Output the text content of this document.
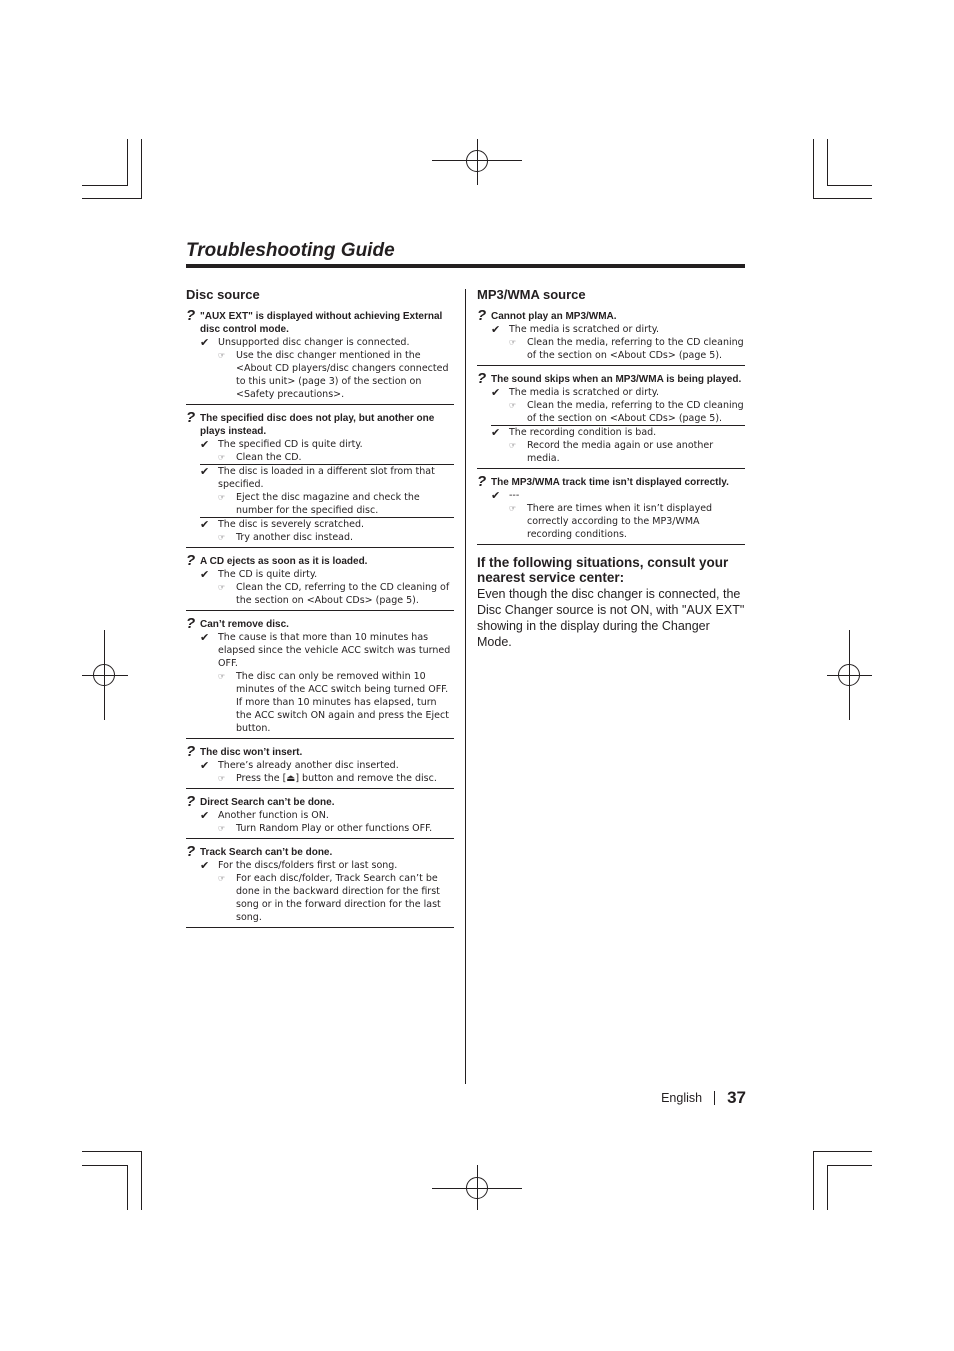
Troubleshooting Guide
Disc source
? "AUX EXT" is displayed without achieving External disc control mode.
✔ Unsupported disc changer is connected.
☞	Use the disc changer mentioned in the <About CD players/disc changers connected to this unit> (page 3) of the section on <Safety precautions>.
? The specified disc does not play, but another one plays instead.
✔ The specified CD is quite dirty.
☞	Clean the CD.
✔ The disc is loaded in a different slot from that specified.
☞	Eject the disc magazine and check the number for the specified disc.
✔ The disc is severely scratched.
☞	Try another disc instead.
? A CD ejects as soon as it is loaded.
✔ The CD is quite dirty.
☞	Clean the CD, referring to the CD cleaning of the section on <About CDs> (page 5).
? Can’t remove disc.
✔ The cause is that more than 10 minutes has elapsed since the vehicle ACC switch was turned OFF.
☞	The disc can only be removed within 10 minutes of the ACC switch being turned OFF. If more than 10 minutes has elapsed, turn the ACC switch ON again and press the Eject button.
? The disc won’t insert.
✔ There’s already another disc inserted.
☞	Press the [⏏] button and remove the disc.
? Direct Search can’t be done.
✔ Another function is ON.
☞	Turn Random Play or other functions OFF.
? Track Search can’t be done.
✔ For the discs/folders first or last song.
☞	For each disc/folder, Track Search can’t be done in the backward direction for the first song or in the forward direction for the last song.
MP3/WMA source
? Cannot play an MP3/WMA.
✔ The media is scratched or dirty.
☞	Clean the media, referring to the CD cleaning of the section on <About CDs> (page 5).
? The sound skips when an MP3/WMA is being played.
✔ The media is scratched or dirty.
☞	Clean the media, referring to the CD cleaning of the section on <About CDs> (page 5).
✔ The recording condition is bad.
☞	Record the media again or use another media.
? The MP3/WMA track time isn’t displayed correctly.
✔ ---
☞	There are times when it isn’t displayed correctly according to the MP3/WMA recording conditions.
If the following situations, consult your nearest service center:

Even though the disc changer is connected, the Disc Changer source is not ON, with "AUX EXT" showing in the display during the Changer Mode.

English 37
